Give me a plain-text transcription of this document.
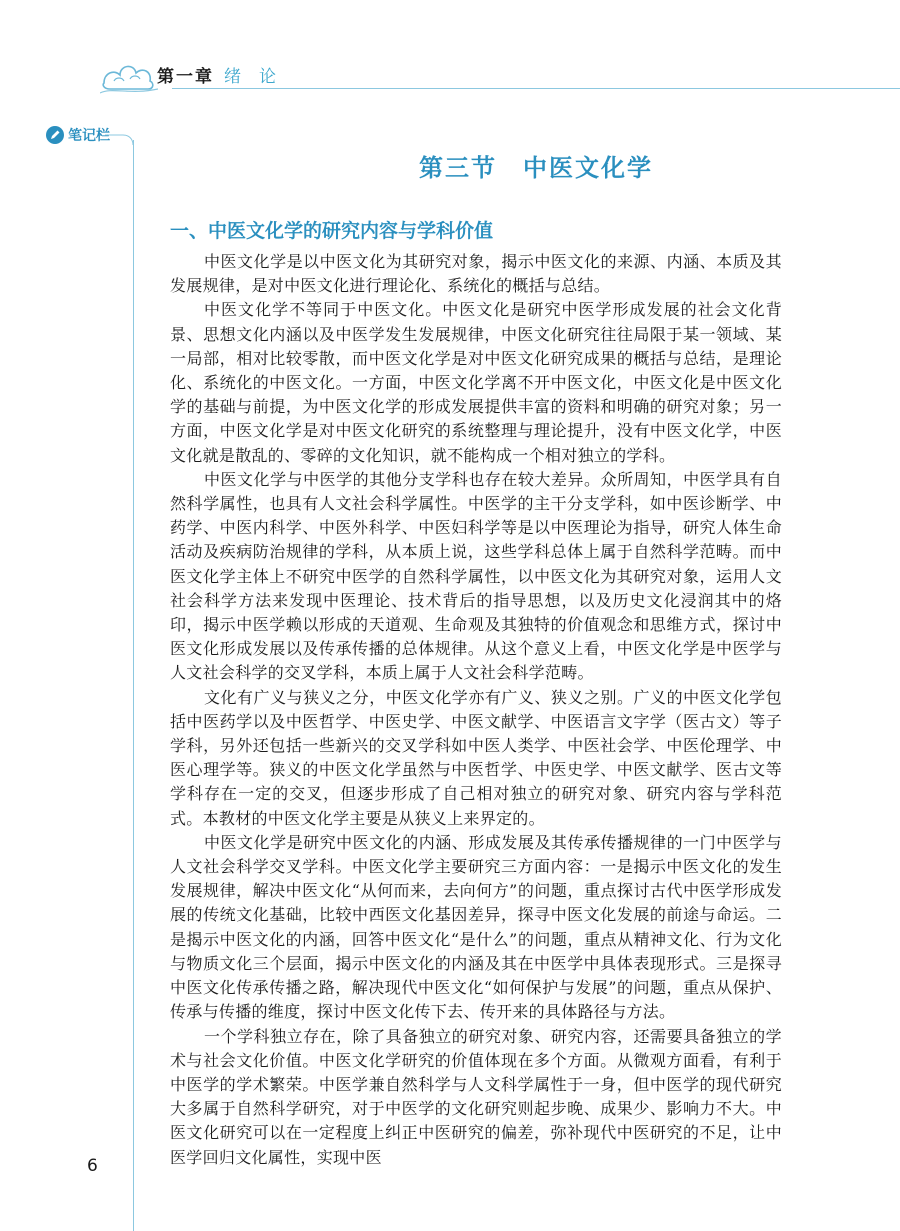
第一章 绪论
笔记栏
第三节　中医文化学
一、中医文化学的研究内容与学科价值

中医文化学是以中医文化为其研究对象，揭示中医文化的来源、内涵、本质及其发展规律，是对中医文化进行理论化、系统化的概括与总结。

中医文化学不等同于中医文化。中医文化是研究中医学形成发展的社会文化背景、思想文化内涵以及中医学发生发展规律，中医文化研究往往局限于某一领域、某一局部，相对比较零散，而中医文化学是对中医文化研究成果的概括与总结，是理论化、系统化的中医文化。一方面，中医文化学离不开中医文化，中医文化是中医文化学的基础与前提，为中医文化学的形成发展提供丰富的资料和明确的研究对象；另一方面，中医文化学是对中医文化研究的系统整理与理论提升，没有中医文化学，中医文化就是散乱的、零碎的文化知识，就不能构成一个相对独立的学科。

中医文化学与中医学的其他分支学科也存在较大差异。众所周知，中医学具有自然科学属性，也具有人文社会科学属性。中医学的主干分支学科，如中医诊断学、中药学、中医内科学、中医外科学、中医妇科学等是以中医理论为指导，研究人体生命活动及疾病防治规律的学科，从本质上说，这些学科总体上属于自然科学范畴。而中医文化学主体上不研究中医学的自然科学属性，以中医文化为其研究对象，运用人文社会科学方法来发现中医理论、技术背后的指导思想，以及历史文化浸润其中的烙印，揭示中医学赖以形成的天道观、生命观及其独特的价值观念和思维方式，探讨中医文化形成发展以及传承传播的总体规律。从这个意义上看，中医文化学是中医学与人文社会科学的交叉学科，本质上属于人文社会科学范畴。

文化有广义与狭义之分，中医文化学亦有广义、狭义之别。广义的中医文化学包括中医药学以及中医哲学、中医史学、中医文献学、中医语言文字学（医古文）等子学科，另外还包括一些新兴的交叉学科如中医人类学、中医社会学、中医伦理学、中医心理学等。狭义的中医文化学虽然与中医哲学、中医史学、中医文献学、医古文等学科存在一定的交叉，但逐步形成了自己相对独立的研究对象、研究内容与学科范式。本教材的中医文化学主要是从狭义上来界定的。

中医文化学是研究中医文化的内涵、形成发展及其传承传播规律的一门中医学与人文社会科学交叉学科。中医文化学主要研究三方面内容：一是揭示中医文化的发生发展规律，解决中医文化“从何而来，去向何方”的问题，重点探讨古代中医学形成发展的传统文化基础，比较中西医文化基因差异，探寻中医文化发展的前途与命运。二是揭示中医文化的内涵，回答中医文化“是什么”的问题，重点从精神文化、行为文化与物质文化三个层面，揭示中医文化的内涵及其在中医学中具体表现形式。三是探寻中医文化传承传播之路，解决现代中医文化“如何保护与发展”的问题，重点从保护、传承与传播的维度，探讨中医文化传下去、传开来的具体路径与方法。

一个学科独立存在，除了具备独立的研究对象、研究内容，还需要具备独立的学术与社会文化价值。中医文化学研究的价值体现在多个方面。从微观方面看，有利于中医学的学术繁荣。中医学兼自然科学与人文科学属性于一身，但中医学的现代研究大多属于自然科学研究，对于中医学的文化研究则起步晚、成果少、影响力不大。中医文化研究可以在一定程度上纠正中医研究的偏差，弥补现代中医研究的不足，让中医学回归文化属性，实现中医

6
